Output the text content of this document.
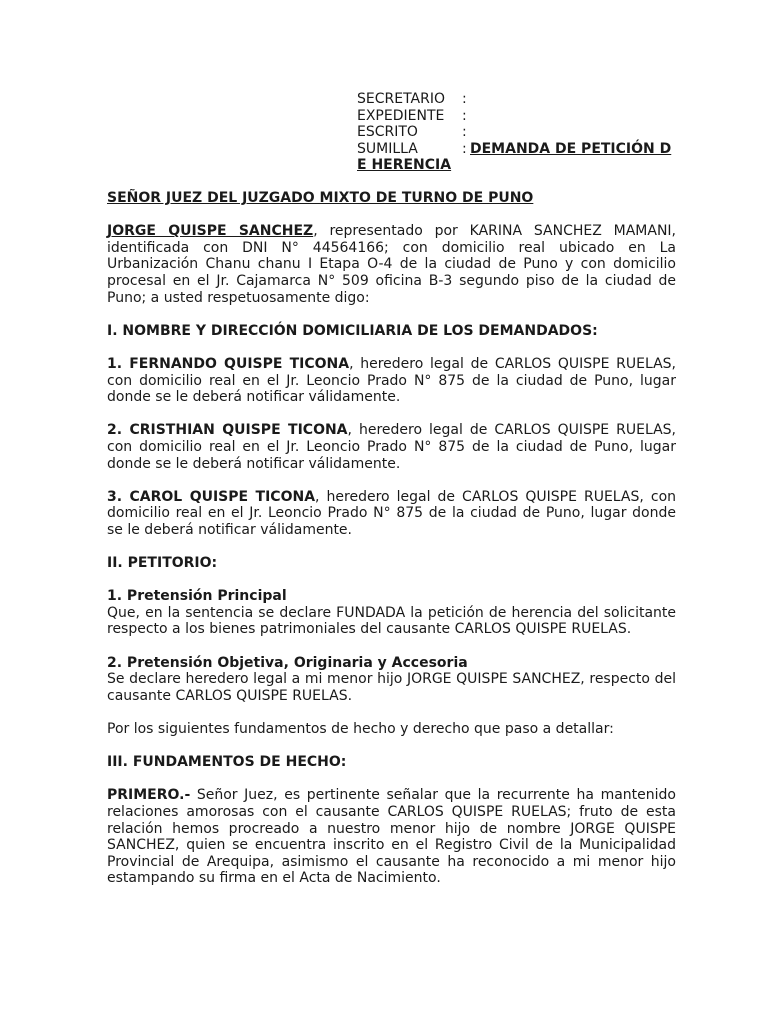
SECRETARIO	:
EXPEDIENTE	:
ESCRITO	:
SUMILLA	: DEMANDA DE PETICIÓN D
E HERENCIA

SEÑOR JUEZ DEL JUZGADO MIXTO DE TURNO DE PUNO

JORGE QUISPE SANCHEZ, representado por KARINA SANCHEZ MAMANI, identificada con DNI N° 44564166; con domicilio real ubicado en La Urbanización Chanu chanu I Etapa O-4 de la ciudad de Puno y con domicilio procesal en el Jr. Cajamarca N° 509 oficina B-3 segundo piso de la ciudad de Puno; a usted respetuosamente digo:

I. NOMBRE Y DIRECCIÓN DOMICILIARIA DE LOS DEMANDADOS:

1. FERNANDO QUISPE TICONA, heredero legal de CARLOS QUISPE RUELAS, con domicilio real en el Jr. Leoncio Prado N° 875 de la ciudad de Puno, lugar donde se le deberá notificar válidamente.

2. CRISTHIAN QUISPE TICONA, heredero legal de CARLOS QUISPE RUELAS, con domicilio real en el Jr. Leoncio Prado N° 875 de la ciudad de Puno, lugar donde se le deberá notificar válidamente.

3. CAROL QUISPE TICONA, heredero legal de CARLOS QUISPE RUELAS, con domicilio real en el Jr. Leoncio Prado N° 875 de la ciudad de Puno, lugar donde se le deberá notificar válidamente.

II. PETITORIO:

1. Pretensión Principal

Que, en la sentencia se declare FUNDADA la petición de herencia del solicitante respecto a los bienes patrimoniales del causante CARLOS QUISPE RUELAS.

2. Pretensión Objetiva, Originaria y Accesoria

Se declare heredero legal a mi menor hijo JORGE QUISPE SANCHEZ, respecto del causante CARLOS QUISPE RUELAS.

Por los siguientes fundamentos de hecho y derecho que paso a detallar:

III. FUNDAMENTOS DE HECHO:

PRIMERO.- Señor Juez, es pertinente señalar que la recurrente ha mantenido relaciones amorosas con el causante CARLOS QUISPE RUELAS; fruto de esta relación hemos procreado a nuestro menor hijo de nombre JORGE QUISPE SANCHEZ, quien se encuentra inscrito en el Registro Civil de la Municipalidad Provincial de Arequipa, asimismo el causante ha reconocido a mi menor hijo estampando su firma en el Acta de Nacimiento.
